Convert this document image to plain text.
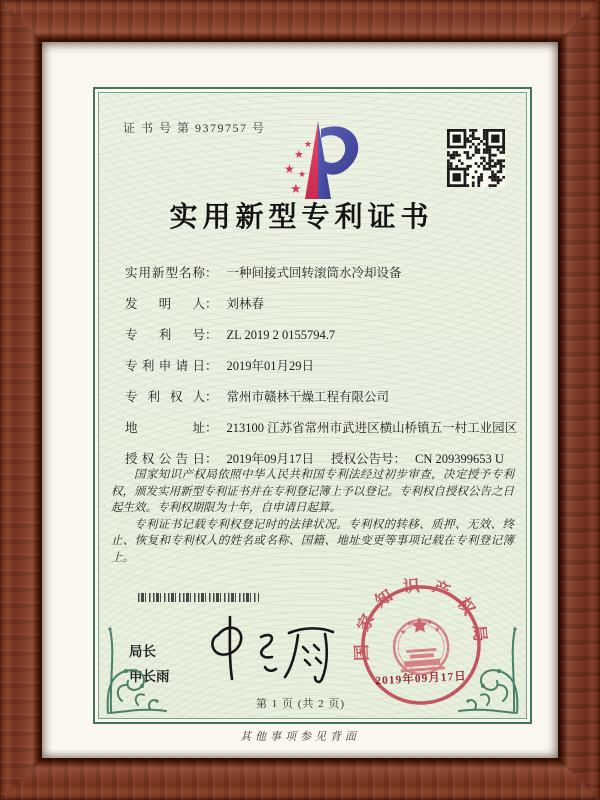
证 书 号 第 9379757 号
★
★
★ ★
★
实用新型专利证书
实用新型名称： 一种间接式回转滚筒水冷却设备
发明人： 刘林春
专利号： ZL 2019 2 0155794.7
专利申请日： 2019年01月29日
专利权人： 常州市赣林干燥工程有限公司
地址： 213100 江苏省常州市武进区横山桥镇五一村工业园区
授权公告日： 2019年09月17日 授权公告号： CN 209399653 U

国家知识产权局依照中华人民共和国专利法经过初步审查，决定授予专利权，颁发实用新型专利证书并在专利登记簿上予以登记。专利权自授权公告之日起生效。专利权期限为十年，自申请日起算。

专利证书记载专利权登记时的法律状况。专利权的转移、质押、无效、终止、恢复和专利权人的姓名或名称、国籍、地址变更等事项记载在专利登记簿上。

局长
申长雨
国家知识产权局
★
★ ★
★
2019年09月17日
第 1 页 (共 2 页)
其他事项参见背面
